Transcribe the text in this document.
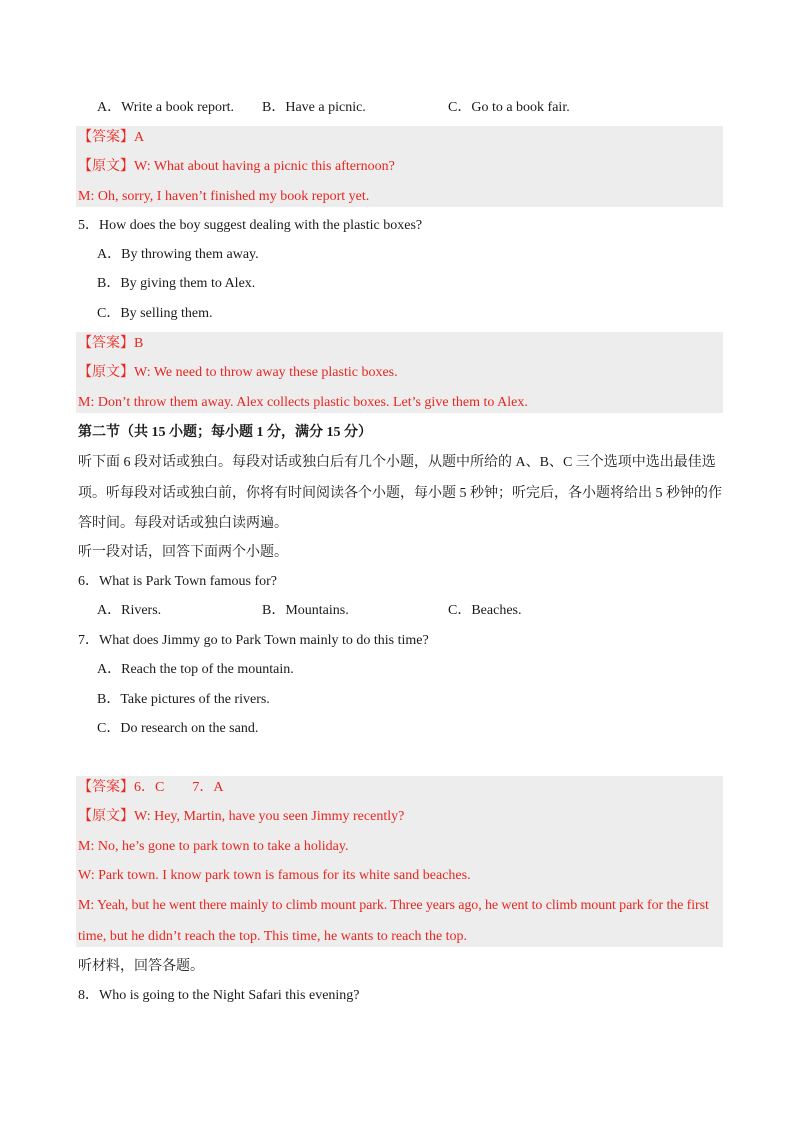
A．Write a book report. B．Have a picnic.	C．Go to a book fair.
【答案】A
【原文】W: What about having a picnic this afternoon?
M: Oh, sorry, I haven’t finished my book report yet.
5．How does the boy suggest dealing with the plastic boxes?
A．By throwing them away.
B．By giving them to Alex.
C．By selling them.
【答案】B
【原文】W: We need to throw away these plastic boxes.
M: Don’t throw them away. Alex collects plastic boxes. Let’s give them to Alex.
第二节（共 15 小题；每小题 1 分，满分 15 分）
听下面 6 段对话或独白。每段对话或独白后有几个小题，从题中所给的 A、B、C 三个选项中选出最佳选
项。听每段对话或独白前，你将有时间阅读各个小题，每小题 5 秒钟；听完后，各小题将给出 5 秒钟的作
答时间。每段对话或独白读两遍。
听一段对话，回答下面两个小题。
6．What is Park Town famous for?
A．Rivers.	B．Mountains.	C．Beaches.
7．What does Jimmy go to Park Town mainly to do this time?
A．Reach the top of the mountain.
B．Take pictures of the rivers.
C．Do research on the sand.
【答案】6．C        7．A
【原文】W: Hey, Martin, have you seen Jimmy recently?
M: No, he’s gone to park town to take a holiday.
W: Park town. I know park town is famous for its white sand beaches.
M: Yeah, but he went there mainly to climb mount park. Three years ago, he went to climb mount park for the first
time, but he didn’t reach the top. This time, he wants to reach the top.
听材料，回答各题。
8．Who is going to the Night Safari this evening?
